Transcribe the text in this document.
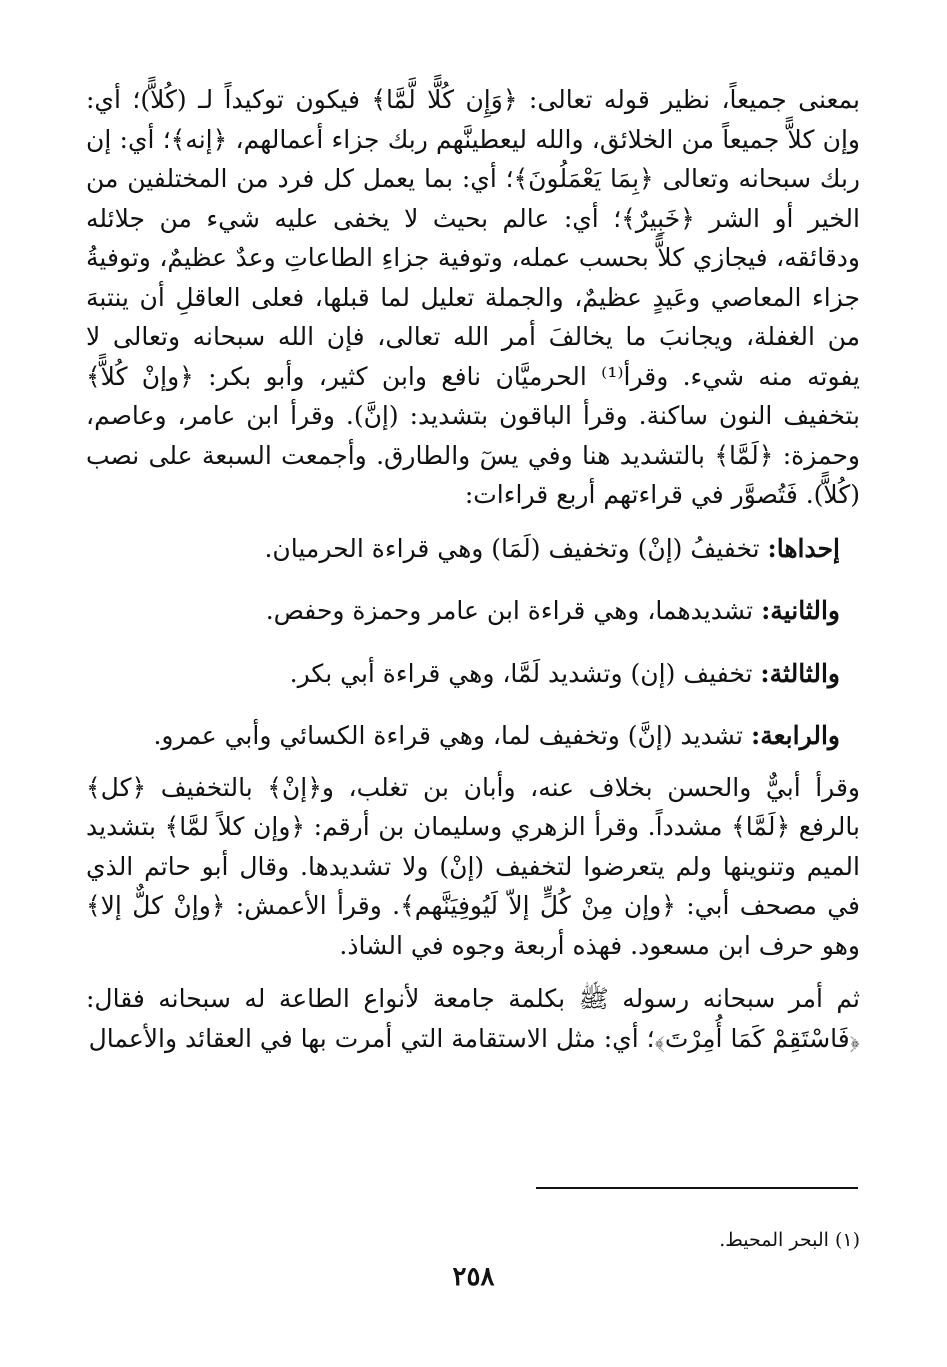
بمعنى جميعاً، نظير قوله تعالى: ﴿وَإِن كُلًّا لَّمَّا﴾ فيكون توكيداً لـ (كُلاًّ)؛ أي: وإن كلاًّ جميعاً من الخلائق، والله ليعطينَّهم ربك جزاء أعمالهم، ﴿إنه﴾؛ أي: إن ربك سبحانه وتعالى ﴿بِمَا يَعْمَلُونَ﴾؛ أي: بما يعمل كل فرد من المختلفين من الخير أو الشر ﴿خَبِيرٌ﴾؛ أي: عالم بحيث لا يخفى عليه شيء من جلائله ودقائقه، فيجازي كلاًّ بحسب عمله، وتوفية جزاءِ الطاعاتِ وعدٌ عظيمٌ، وتوفيةُ جزاء المعاصي وعَيدٍ عظيمٌ، والجملة تعليل لما قبلها، فعلى العاقلِ أن ينتبهَ من الغفلة، ويجانبَ ما يخالفَ أمر الله تعالى، فإن الله سبحانه وتعالى لا يفوته منه شيء. وقرأ⁽¹⁾ الحرميَّان نافع وابن كثير، وأبو بكر: ﴿وإنْ كُلاًّ﴾ بتخفيف النون ساكنة. وقرأ الباقون بتشديد: (إنَّ). وقرأ ابن عامر، وعاصم، وحمزة: ﴿لَمَّا﴾ بالتشديد هنا وفي يسٓ والطارق. وأجمعت السبعة على نصب (كُلاًّ). فَتُصوَّر في قراءتهم أربع قراءات:

إحداها: تخفيفُ (إنْ) وتخفيف (لَمَا) وهي قراءة الحرميان.

والثانية: تشديدهما، وهي قراءة ابن عامر وحمزة وحفص.

والثالثة: تخفيف (إن) وتشديد لَمَّا، وهي قراءة أبي بكر.

والرابعة: تشديد (إنَّ) وتخفيف لما، وهي قراءة الكسائي وأبي عمرو.

وقرأ أبيٌّ والحسن بخلاف عنه، وأبان بن تغلب، و﴿إنْ﴾ بالتخفيف ﴿كل﴾ بالرفع ﴿لَمَّا﴾ مشدداً. وقرأ الزهري وسليمان بن أرقم: ﴿وإن كلاً لمَّا﴾ بتشديد الميم وتنوينها ولم يتعرضوا لتخفيف (إنْ) ولا تشديدها. وقال أبو حاتم الذي في مصحف أبي: ﴿وإن مِنْ كُلٍّ إلاّ لَيُوفِيَنَّهم﴾. وقرأ الأعمش: ﴿وإنْ كلٌّ إلا﴾ وهو حرف ابن مسعود. فهذه أربعة وجوه في الشاذ.

ثم أمر سبحانه رسوله ﷺ بكلمة جامعة لأنواع الطاعة له سبحانه فقال: ﴿فَاسْتَقِمْ كَمَا أُمِرْتَ﴾؛ أي: مثل الاستقامة التي أمرت بها في العقائد والأعمال

(١) البحر المحيط.

٢٥٨
